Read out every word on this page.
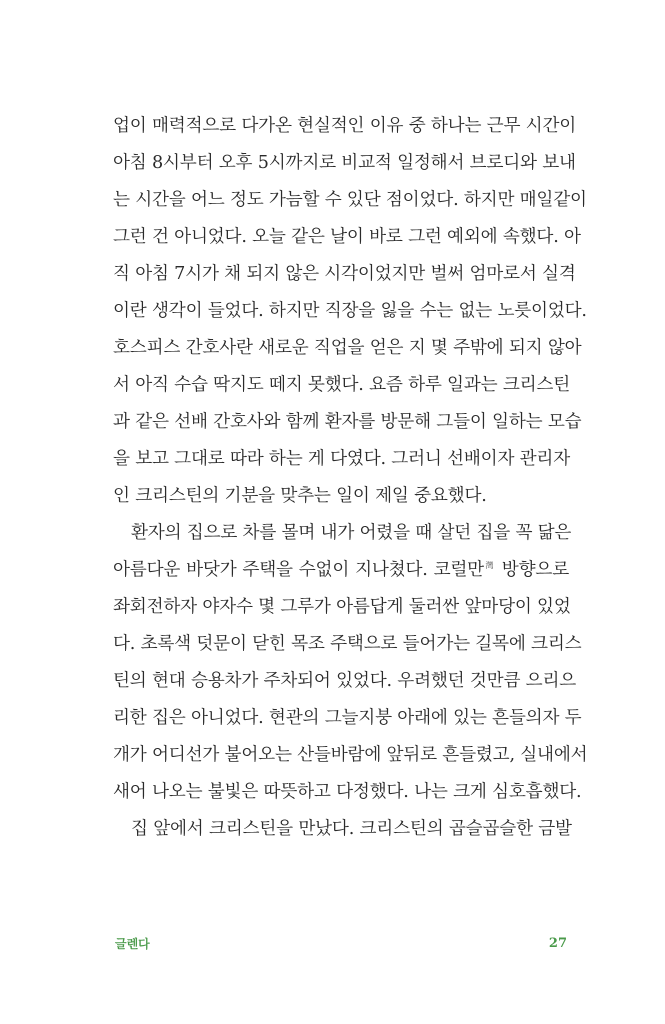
업이 매력적으로 다가온 현실적인 이유 중 하나는 근무 시간이
아침 8시부터 오후 5시까지로 비교적 일정해서 브로디와 보내
는 시간을 어느 정도 가늠할 수 있단 점이었다. 하지만 매일같이
그런 건 아니었다. 오늘 같은 날이 바로 그런 예외에 속했다. 아
직 아침 7시가 채 되지 않은 시각이었지만 벌써 엄마로서 실격
이란 생각이 들었다. 하지만 직장을 잃을 수는 없는 노릇이었다.
호스피스 간호사란 새로운 직업을 얻은 지 몇 주밖에 되지 않아
서 아직 수습 딱지도 떼지 못했다. 요즘 하루 일과는 크리스틴
과 같은 선배 간호사와 함께 환자를 방문해 그들이 일하는 모습
을 보고 그대로 따라 하는 게 다였다. 그러니 선배이자 관리자
인 크리스틴의 기분을 맞추는 일이 제일 중요했다.
환자의 집으로 차를 몰며 내가 어렸을 때 살던 집을 꼭 닮은
아름다운 바닷가 주택을 수없이 지나쳤다. 코럴만$^灣$ 방향으로
좌회전하자 야자수 몇 그루가 아름답게 둘러싼 앞마당이 있었
다. 초록색 덧문이 닫힌 목조 주택으로 들어가는 길목에 크리스
틴의 현대 승용차가 주차되어 있었다. 우려했던 것만큼 으리으
리한 집은 아니었다. 현관의 그늘지붕 아래에 있는 흔들의자 두
개가 어디선가 불어오는 산들바람에 앞뒤로 흔들렸고, 실내에서
새어 나오는 불빛은 따뜻하고 다정했다. 나는 크게 심호흡했다.
집 앞에서 크리스틴을 만났다. 크리스틴의 곱슬곱슬한 금발
글렌다	27
